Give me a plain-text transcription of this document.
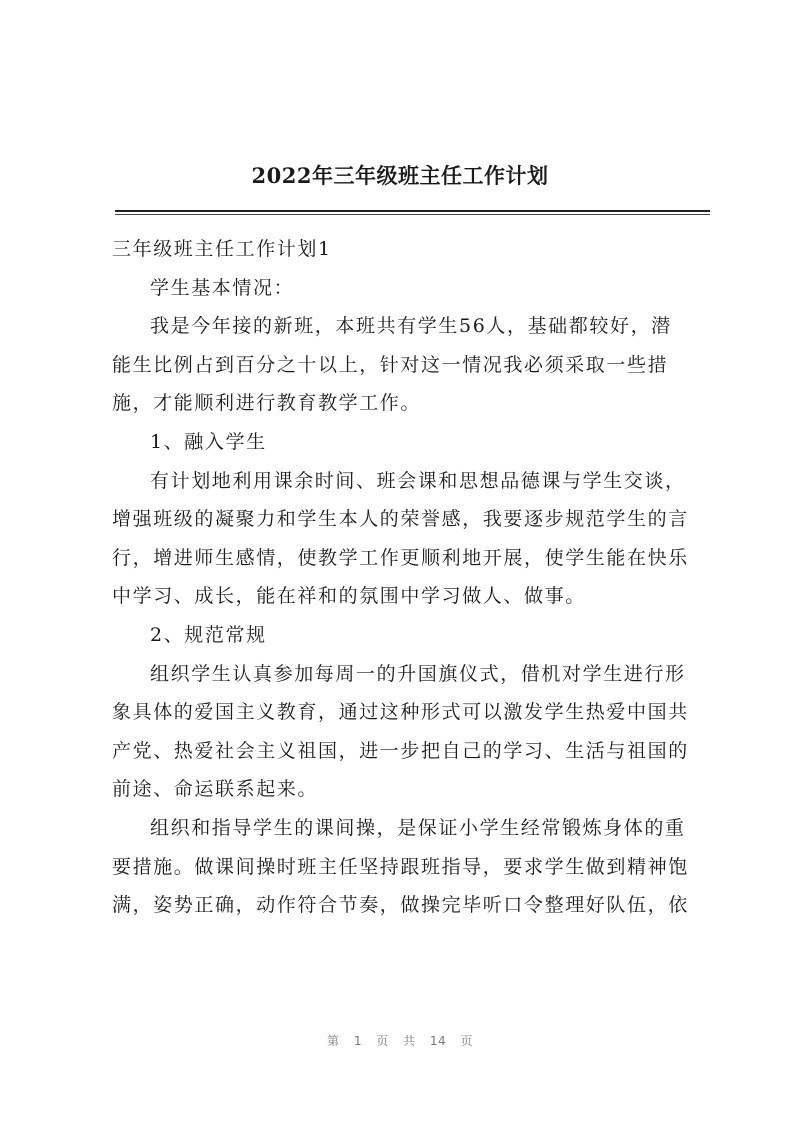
2022年三年级班主任工作计划
三年级班主任工作计划1
学生基本情况：
我是今年接的新班，本班共有学生56人，基础都较好，潜
能生比例占到百分之十以上，针对这一情况我必须采取一些措
施，才能顺利进行教育教学工作。
1、融入学生
有计划地利用课余时间、班会课和思想品德课与学生交谈，
增强班级的凝聚力和学生本人的荣誉感，我要逐步规范学生的言
行，增进师生感情，使教学工作更顺利地开展，使学生能在快乐
中学习、成长，能在祥和的氛围中学习做人、做事。
2、规范常规
组织学生认真参加每周一的升国旗仪式，借机对学生进行形
象具体的爱国主义教育，通过这种形式可以激发学生热爱中国共
产党、热爱社会主义祖国，进一步把自己的学习、生活与祖国的
前途、命运联系起来。
组织和指导学生的课间操，是保证小学生经常锻炼身体的重
要措施。做课间操时班主任坚持跟班指导，要求学生做到精神饱
满，姿势正确，动作符合节奏，做操完毕听口令整理好队伍，依
第 1 页 共 14 页
